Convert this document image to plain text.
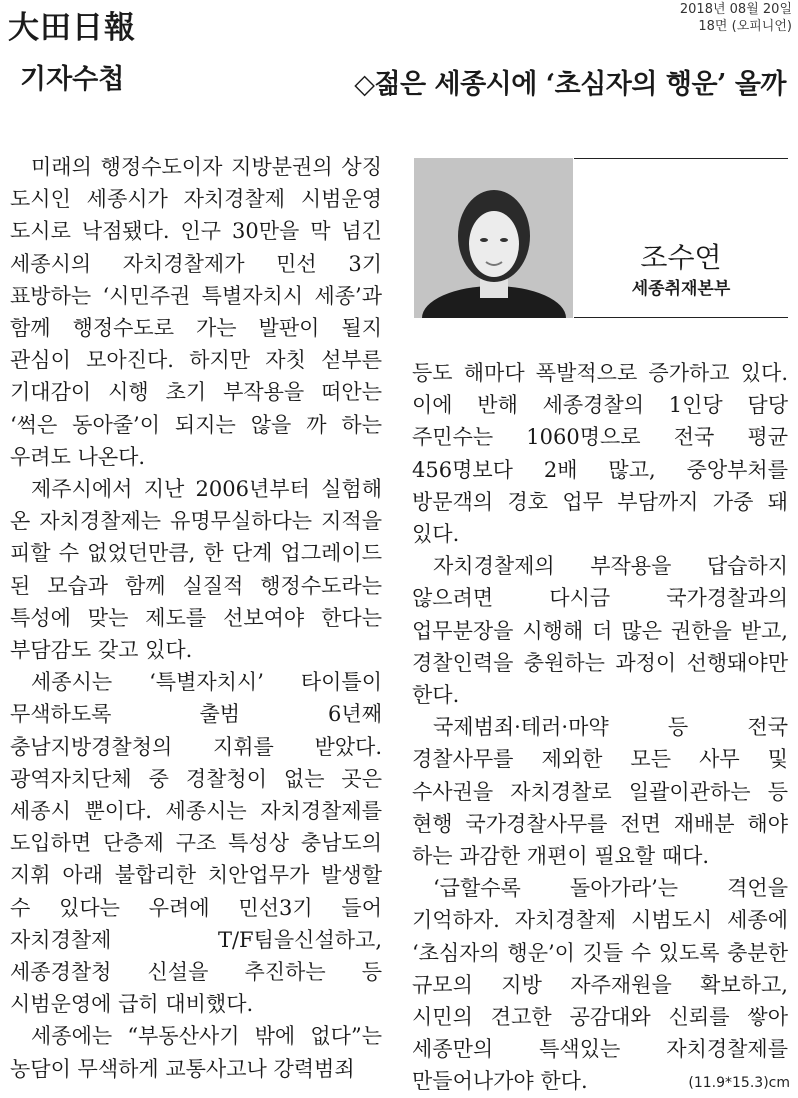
大田日報
2018년 08월 20일
18면 (오피니언)
기자수첩	◇젊은 세종시에 ‘초심자의 행운’ 올까

미래의 행정수도이자 지방분권의 상징 도시인 세종시가 자치경찰제 시범운영 도시로 낙점됐다. 인구 30만을 막 넘긴 세종시의 자치경찰제가 민선 3기 표방하는 ‘시민주권 특별자치시 세종’과 함께 행정수도로 가는 발판이 될지 관심이 모아진다. 하지만 자칫 섣부른 기대감이 시행 초기 부작용을 떠안는 ‘썩은 동아줄’이 되지는 않을 까 하는 우려도 나온다.

제주시에서 지난 2006년부터 실험해 온 자치경찰제는 유명무실하다는 지적을 피할 수 없었던만큼, 한 단계 업그레이드 된 모습과 함께 실질적 행정수도라는 특성에 맞는 제도를 선보여야 한다는 부담감도 갖고 있다.

세종시는 ‘특별자치시’ 타이틀이 무색하도록 출범 6년째 충남지방경찰청의 지휘를 받았다. 광역자치단체 중 경찰청이 없는 곳은 세종시 뿐이다. 세종시는 자치경찰제를 도입하면 단층제 구조 특성상 충남도의 지휘 아래 불합리한 치안업무가 발생할 수 있다는 우려에 민선3기 들어 자치경찰제 T/F팀을신설하고, 세종경찰청 신설을 추진하는 등 시범운영에 급히 대비했다.

세종에는 “부동산사기 밖에 없다”는 농담이 무색하게 교통사고나 강력범죄

조수연
세종취재본부

등도 해마다 폭발적으로 증가하고 있다. 이에 반해 세종경찰의 1인당 담당 주민수는 1060명으로 전국 평균 456명보다 2배 많고, 중앙부처를 방문객의 경호 업무 부담까지 가중 돼 있다.

자치경찰제의 부작용을 답습하지 않으려면 다시금 국가경찰과의 업무분장을 시행해 더 많은 권한을 받고, 경찰인력을 충원하는 과정이 선행돼야만 한다.

국제범죄·테러·마약 등 전국 경찰사무를 제외한 모든 사무 및 수사권을 자치경찰로 일괄이관하는 등 현행 국가경찰사무를 전면 재배분 해야 하는 과감한 개편이 필요할 때다.

‘급할수록 돌아가라’는 격언을 기억하자. 자치경찰제 시범도시 세종에 ‘초심자의 행운’이 깃들 수 있도록 충분한 규모의 지방 자주재원을 확보하고, 시민의 견고한 공감대와 신뢰를 쌓아 세종만의 특색있는 자치경찰제를 만들어나가야 한다.	(11.9*15.3)cm
